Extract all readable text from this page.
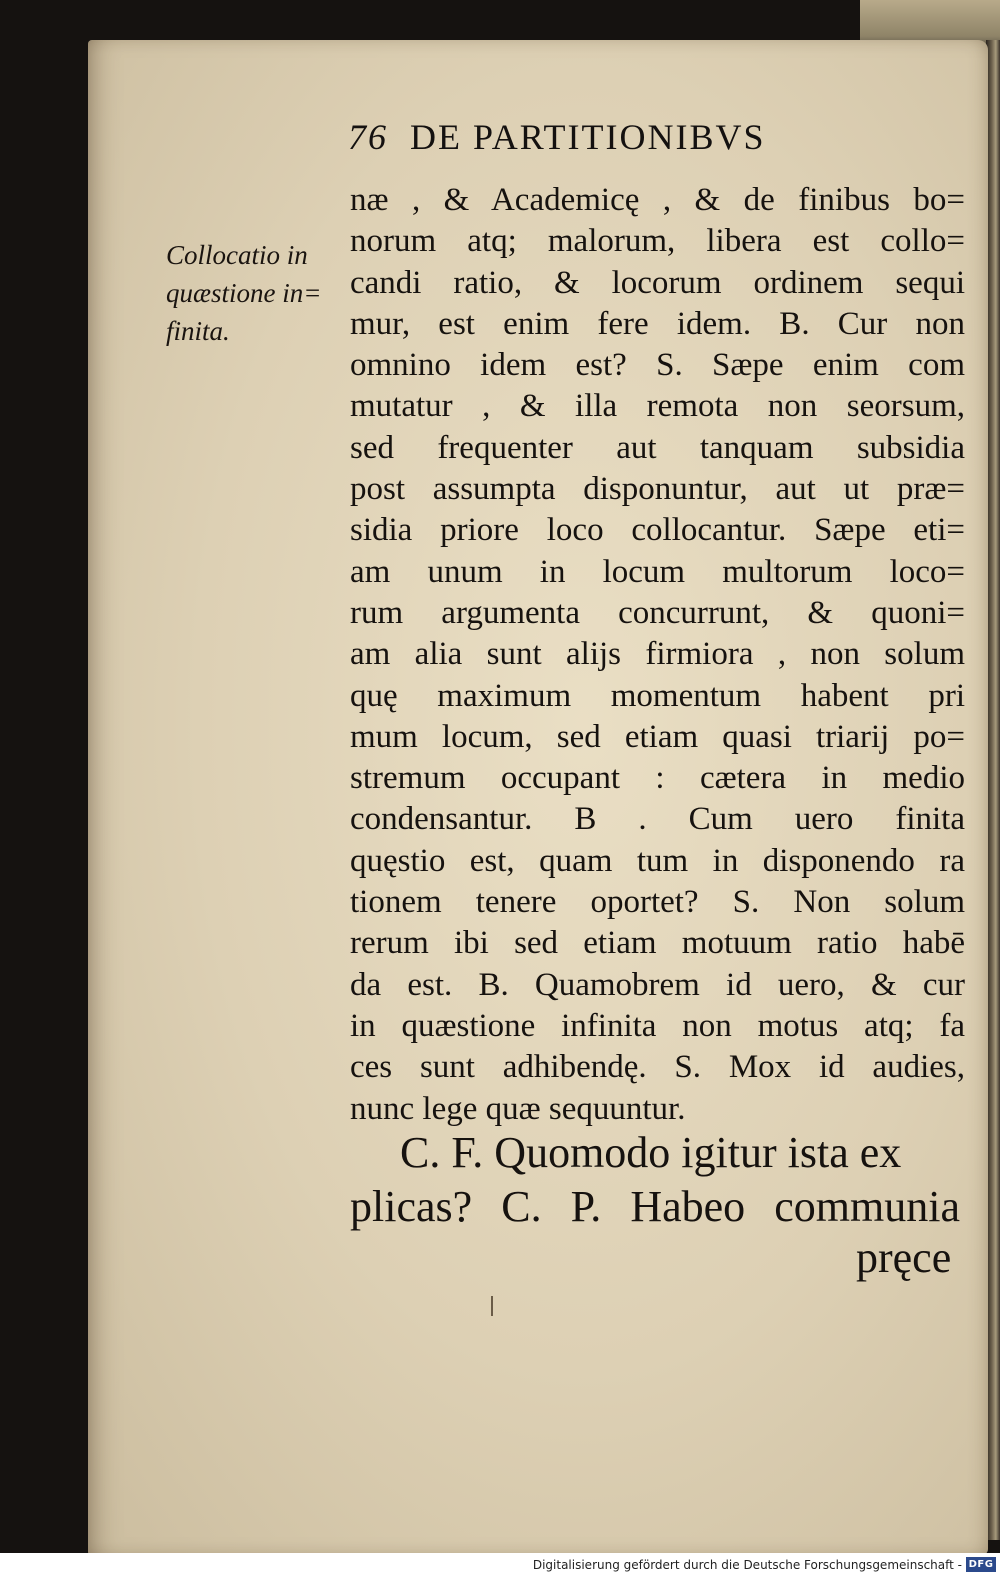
76 DE PARTITIONIBVS
Collocatio in
quæstione in=
finita.
næ , & Academicę , & de finibus bo=
norum atq; malorum, libera est collo=
candi ratio, & locorum ordinem sequi
mur, est enim fere idem. B. Cur non
omnino idem est? S. Sæpe enim com
mutatur , & illa remota non seorsum,
sed frequenter aut tanquam subsidia
post assumpta disponuntur, aut ut præ=
sidia priore loco collocantur. Sæpe eti=
am unum in locum multorum loco=
rum argumenta concurrunt, & quoni=
am alia sunt alijs firmiora , non solum
quę maximum momentum habent pri
mum locum, sed etiam quasi triarij po=
stremum occupant : cætera in medio
condensantur. B . Cum uero finita
quęstio est, quam tum in disponendo ra
tionem tenere oportet? S. Non solum
rerum ibi sed etiam motuum ratio habē
da est. B. Quamobrem id uero, & cur
in quæstione infinita non motus atq; fa
ces sunt adhibendę. S. Mox id audies,
nunc lege quæ sequuntur.
C. F. Quomodo igitur ista ex
plicas? C. P. Habeo communia
pręce
Digitalisierung gefördert durch die Deutsche Forschungsgemeinschaft - DFG
